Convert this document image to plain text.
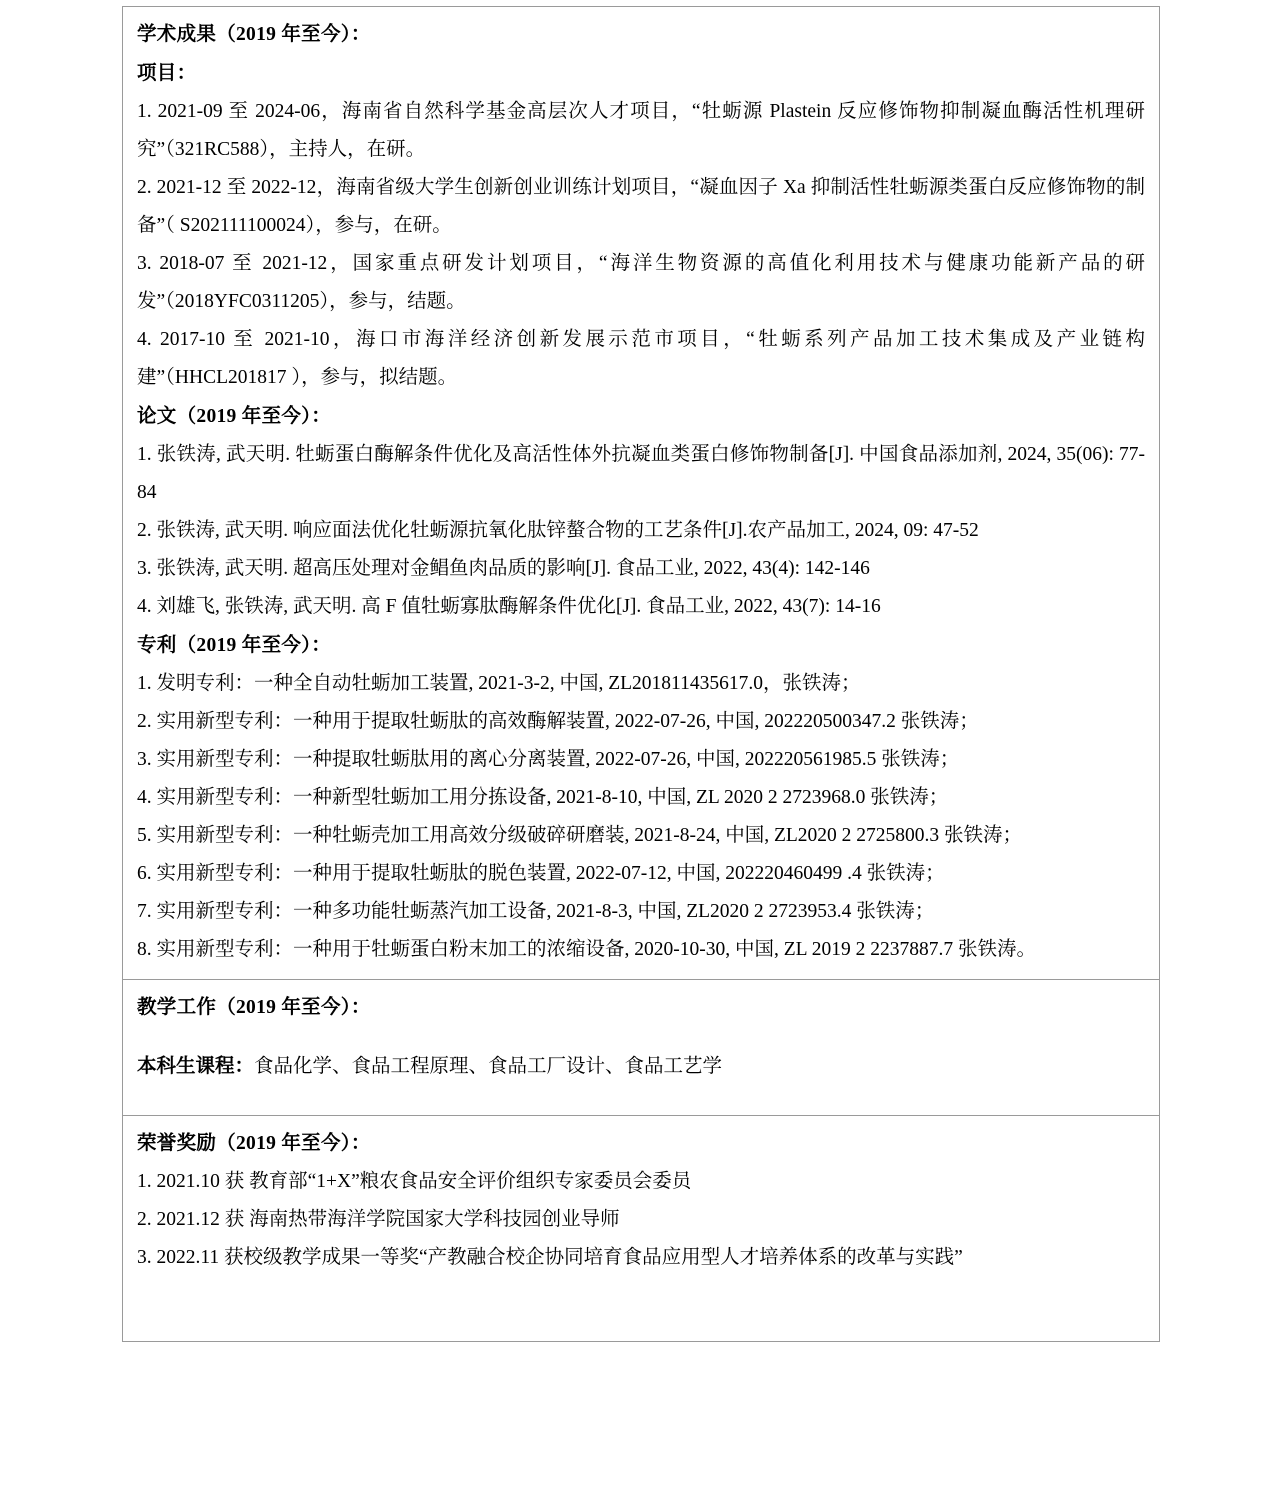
学术成果（2019 年至今）：
项目：

1. 2021-09 至 2024-06，海南省自然科学基金高层次人才项目，“牡蛎源 Plastein 反应修饰物抑制凝血酶活性机理研究”（321RC588），主持人，在研。

2. 2021-12 至 2022-12，海南省级大学生创新创业训练计划项目，“凝血因子 Xa 抑制活性牡蛎源类蛋白反应修饰物的制备”（ S202111100024），参与，在研。

3. 2018-07 至 2021-12，国家重点研发计划项目，“海洋生物资源的高值化利用技术与健康功能新产品的研发”（2018YFC0311205），参与，结题。

4. 2017-10 至 2021-10，海口市海洋经济创新发展示范市项目，“牡蛎系列产品加工技术集成及产业链构建”（HHCL201817 ），参与，拟结题。

论文（2019 年至今）：

1. 张铁涛, 武天明. 牡蛎蛋白酶解条件优化及高活性体外抗凝血类蛋白修饰物制备[J]. 中国食品添加剂, 2024, 35(06): 77-84

2. 张铁涛, 武天明. 响应面法优化牡蛎源抗氧化肽锌螯合物的工艺条件[J].农产品加工, 2024, 09: 47-52

3. 张铁涛, 武天明. 超高压处理对金鲳鱼肉品质的影响[J]. 食品工业, 2022, 43(4): 142-146

4. 刘雄飞, 张铁涛, 武天明. 高 F 值牡蛎寡肽酶解条件优化[J]. 食品工业, 2022, 43(7): 14-16

专利（2019 年至今）：

1. 发明专利：一种全自动牡蛎加工装置, 2021-3-2, 中国, ZL201811435617.0，张铁涛；

2. 实用新型专利：一种用于提取牡蛎肽的高效酶解装置, 2022-07-26, 中国, 202220500347.2 张铁涛；

3. 实用新型专利：一种提取牡蛎肽用的离心分离装置, 2022-07-26, 中国, 202220561985.5 张铁涛；

4. 实用新型专利：一种新型牡蛎加工用分拣设备, 2021-8-10, 中国, ZL 2020 2 2723968.0 张铁涛；

5. 实用新型专利：一种牡蛎壳加工用高效分级破碎研磨装, 2021-8-24, 中国, ZL2020 2 2725800.3 张铁涛；

6. 实用新型专利：一种用于提取牡蛎肽的脱色装置, 2022-07-12, 中国, 202220460499 .4 张铁涛；

7. 实用新型专利：一种多功能牡蛎蒸汽加工设备, 2021-8-3, 中国, ZL2020 2 2723953.4 张铁涛；

8. 实用新型专利：一种用于牡蛎蛋白粉末加工的浓缩设备, 2020-10-30, 中国, ZL 2019 2 2237887.7 张铁涛。

教学工作（2019 年至今）：

本科生课程：食品化学、食品工程原理、食品工厂设计、食品工艺学

荣誉奖励（2019 年至今）：

1. 2021.10 获 教育部“1+X”粮农食品安全评价组织专家委员会委员

2. 2021.12 获 海南热带海洋学院国家大学科技园创业导师

3. 2022.11 获校级教学成果一等奖“产教融合校企协同培育食品应用型人才培养体系的改革与实践”
